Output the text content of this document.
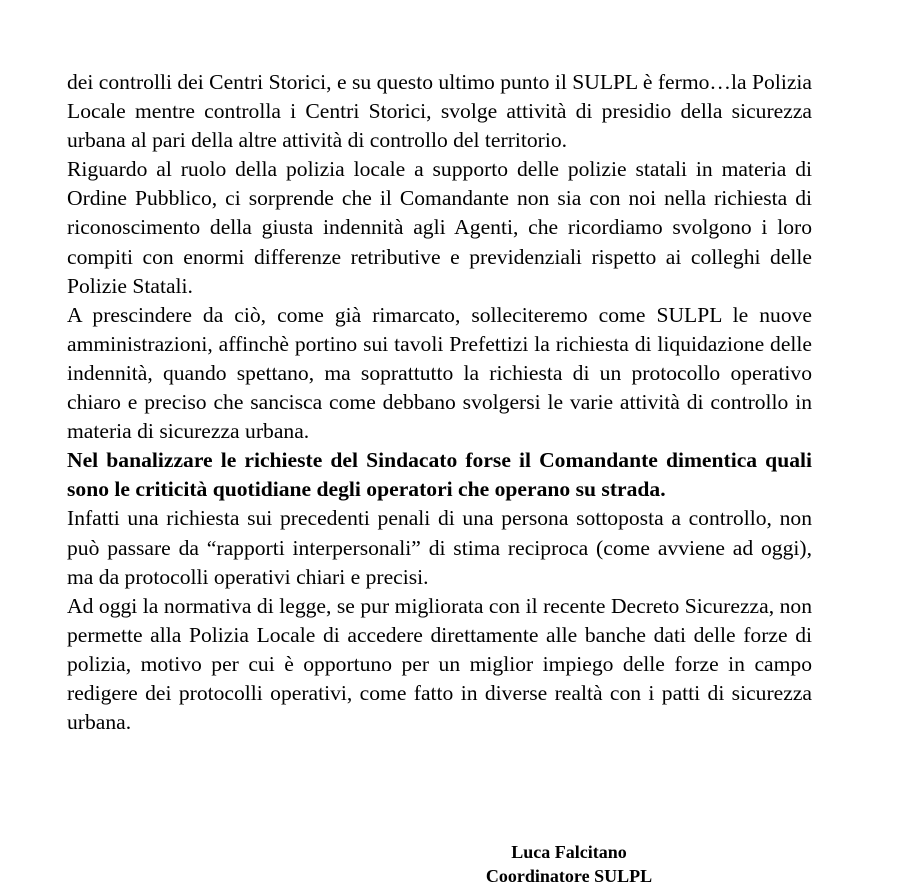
dei controlli dei Centri Storici, e su questo ultimo punto il SULPL è fermo…la Polizia Locale mentre controlla i Centri Storici, svolge attività di presidio della sicurezza urbana al pari della altre attività di controllo del territorio.

Riguardo al ruolo della polizia locale a supporto delle polizie statali in materia di Ordine Pubblico, ci sorprende che il Comandante non sia con noi nella richiesta di riconoscimento della giusta indennità agli Agenti, che ricordiamo svolgono i loro compiti con enormi differenze retributive e previdenziali rispetto ai colleghi delle Polizie Statali.

A prescindere da ciò, come già rimarcato, solleciteremo come SULPL le nuove amministrazioni, affinchè portino sui tavoli Prefettizi la richiesta di liquidazione delle indennità, quando spettano, ma soprattutto la richiesta di un protocollo operativo chiaro e preciso che sancisca come debbano svolgersi le varie attività di controllo in materia di sicurezza urbana.

Nel banalizzare le richieste del Sindacato forse il Comandante dimentica quali sono le criticità quotidiane degli operatori che operano su strada.

Infatti una richiesta sui precedenti penali di una persona sottoposta a controllo, non può passare da “rapporti interpersonali” di stima reciproca (come avviene ad oggi), ma da protocolli operativi chiari e precisi.

Ad oggi la normativa di legge, se pur migliorata con il recente Decreto Sicurezza, non permette alla Polizia Locale di accedere direttamente alle banche dati delle forze di polizia, motivo per cui è opportuno per un miglior impiego delle forze in campo redigere dei protocolli operativi, come fatto in diverse realtà con i patti di sicurezza urbana.

Luca Falcitano
Coordinatore SULPL
